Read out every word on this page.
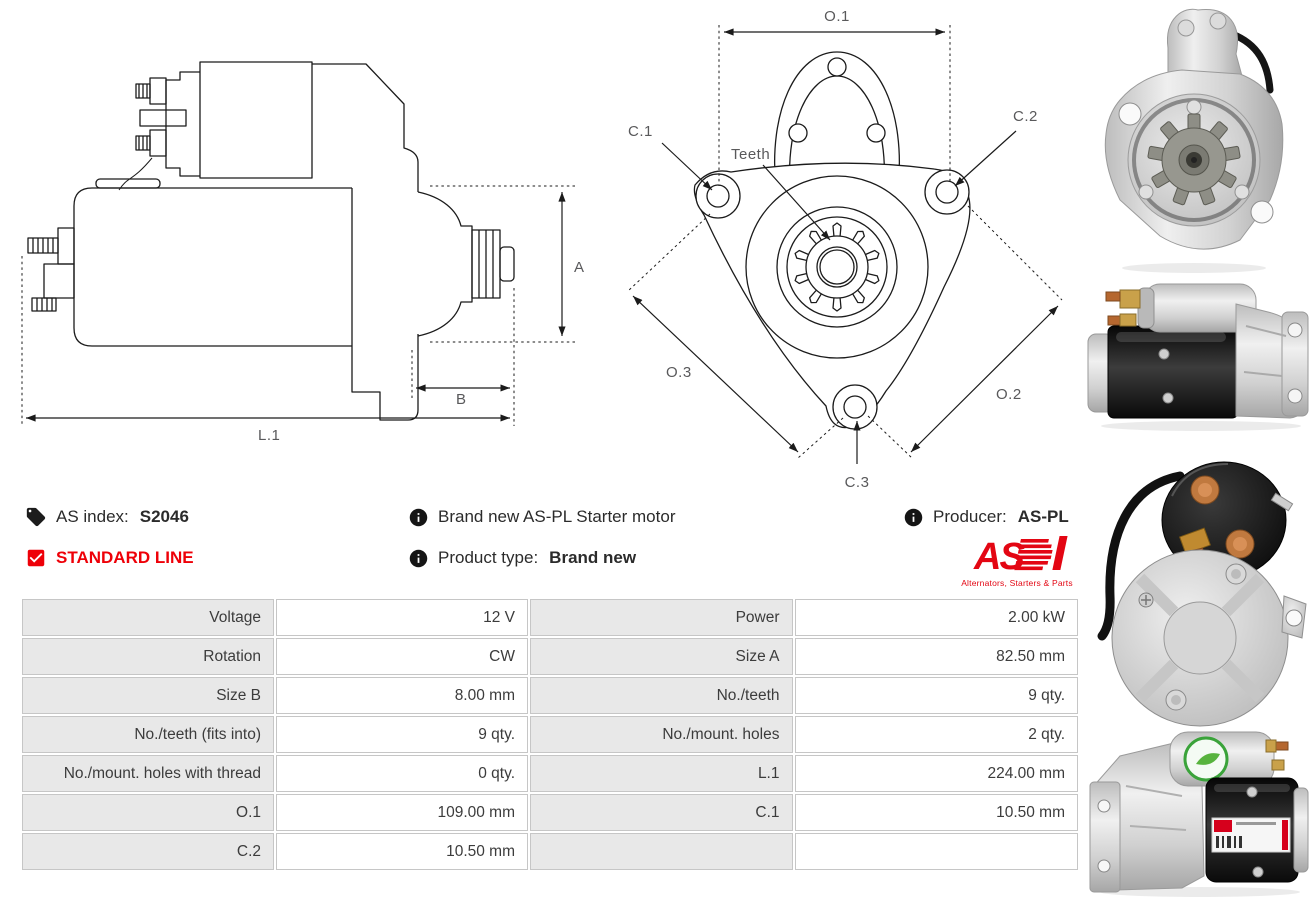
A
B
L.1
O.1
C.1
C.2
Teeth
O.3
O.2
C.3
AS index: S2046
STANDARD LINE
Brand new AS-PL Starter motor
Product type: Brand new
Producer: AS-PL
AS
Alternators, Starters & Parts
Voltage	12 V	Power	2.00 kW
Rotation	CW	Size A	82.50 mm
Size B	8.00 mm	No./teeth	9 qty.
No./teeth (fits into)	9 qty.	No./mount. holes	2 qty.
No./mount. holes with thread	0 qty.	L.1	224.00 mm
O.1	109.00 mm	C.1	10.50 mm
C.2	10.50 mm		
